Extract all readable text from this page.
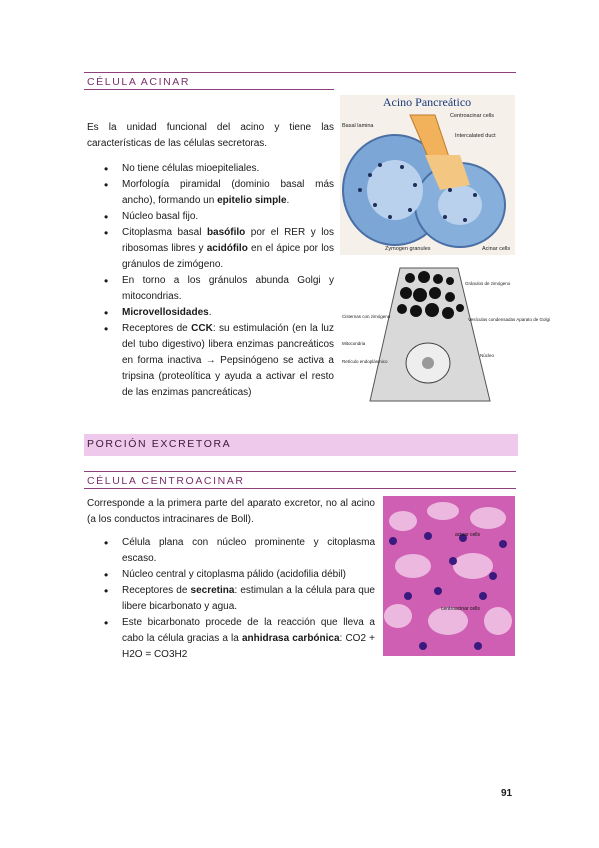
CÉLULA ACINAR
Es la unidad funcional del acino y tiene las características de las células secretoras.
• No tiene células mioepiteliales.
• Morfología piramidal (dominio basal más ancho), formando un epitelio simple.
• Núcleo basal fijo.
• Citoplasma basal basófilo por el RER y los ribosomas libres y acidófilo en el ápice por los gránulos de zimógeno.
• En torno a los gránulos abunda Golgi y mitocondrias.
• Microvellosidades.
• Receptores de CCK: su estimulación (en la luz del tubo digestivo) libera enzimas pancreáticos en forma inactiva → Pepsinógeno se activa a tripsina (proteolítica y ayuda a activar el resto de las enzimas pancreáticas)
Acino Pancreático
Centroacinar cells
Basal lamina
Intercalated duct
Zymogen granules	Acinar cells
Gránulos de zimógeno
Cisternas con zimógeno
Vesículas condensadas Aparato de Golgi
Mitocondria
Núcleo
Retículo endoplásmico
PORCIÓN EXCRETORA
CÉLULA CENTROACINAR
Corresponde a la primera parte del aparato excretor, no al acino (a los conductos intracinares de Boll).
• Célula plana con núcleo prominente y citoplasma escaso.
• Núcleo central y citoplasma pálido (acidofilia débil)
• Receptores de secretina: estimulan a la célula para que libere bicarbonato y agua.
• Este bicarbonato procede de la reacción que lleva a cabo la célula gracias a la anhidrasa carbónica: CO2 + H2O = CO3H2
acinar cells
centroacinar cells
91
